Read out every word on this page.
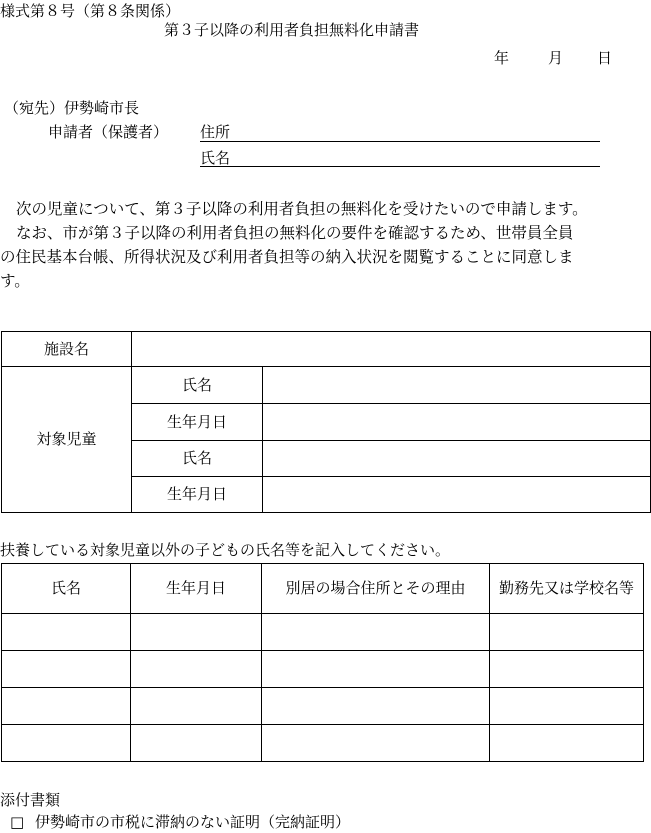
様式第８号（第８条関係）
第３子以降の利用者負担無料化申請書
年	月 日
（宛先）伊勢崎市長
申請者（保護者） 住所
氏名
次の児童について、第３子以降の利用者負担の無料化を受けたいので申請します。
なお、市が第３子以降の利用者負担の無料化の要件を確認するため、世帯員全員
の住民基本台帳、所得状況及び利用者負担等の納入状況を閲覧することに同意しま
す。
施設名		
対象児童	氏名	
	生年月日	
	氏名	
	生年月日	
扶養している対象児童以外の子どもの氏名等を記入してください。
氏名	生年月日	別居の場合住所とその理由	勤務先又は学校名等

添付書類
□ 伊勢崎市の市税に滞納のない証明（完納証明）
